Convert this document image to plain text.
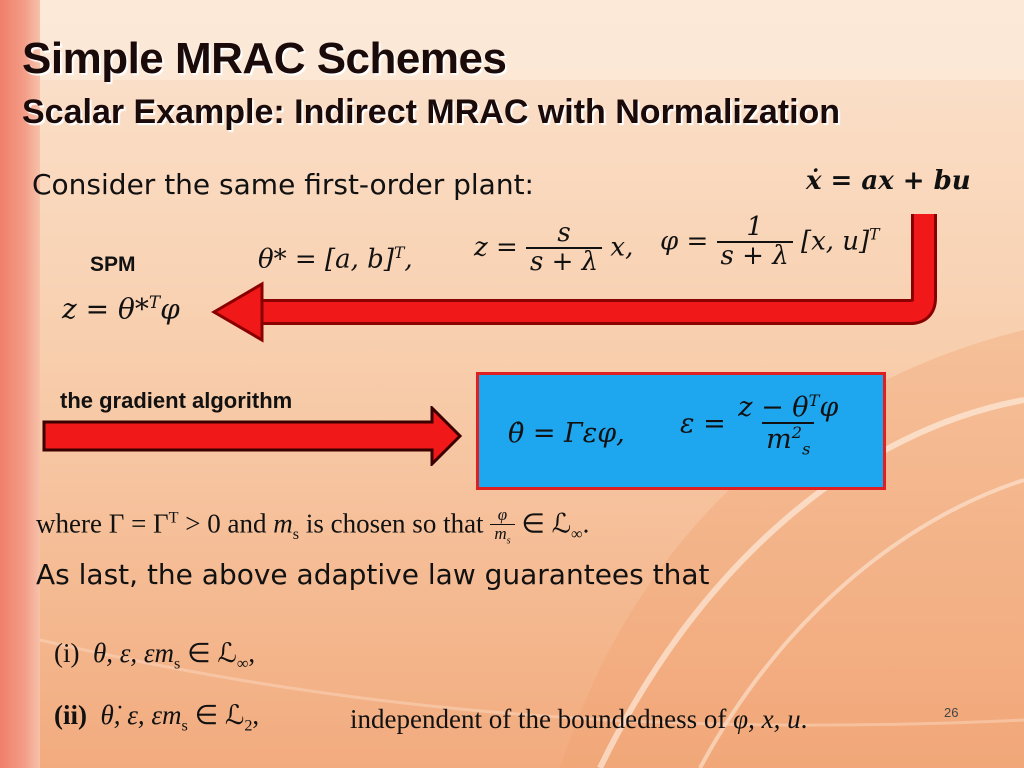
Simple MRAC Schemes
Scalar Example: Indirect MRAC with Normalization
Consider the same first-order plant:	ẋ = ax + bu
θ* = [a, b]$^T$, $z = \frac{s}{s + \lambda} x$, $\varphi = \frac{1}{s + \lambda} [x$, u]$^T$
SPM
z = θ*$^T$φ
the gradient algorithm
θ̇ = Γεφ, $\varepsilon = \frac{z - \theta^T\varphi}{m^2_s}$
where $\Gamma = \Gamma^T > 0$ and $m_s$ is chosen so that $\frac{\varphi}{m_s}$ ∈ ℒ$_\infty$.
As last, the above adaptive law guarantees that
(i) θ, ε, $\varepsilon m_s$ ∈ ℒ$_\infty$,
(ii) θ̇, ε, $\varepsilon m_s$ ∈ ℒ$_2$,	independent of the boundedness of φ, x, u.	26
